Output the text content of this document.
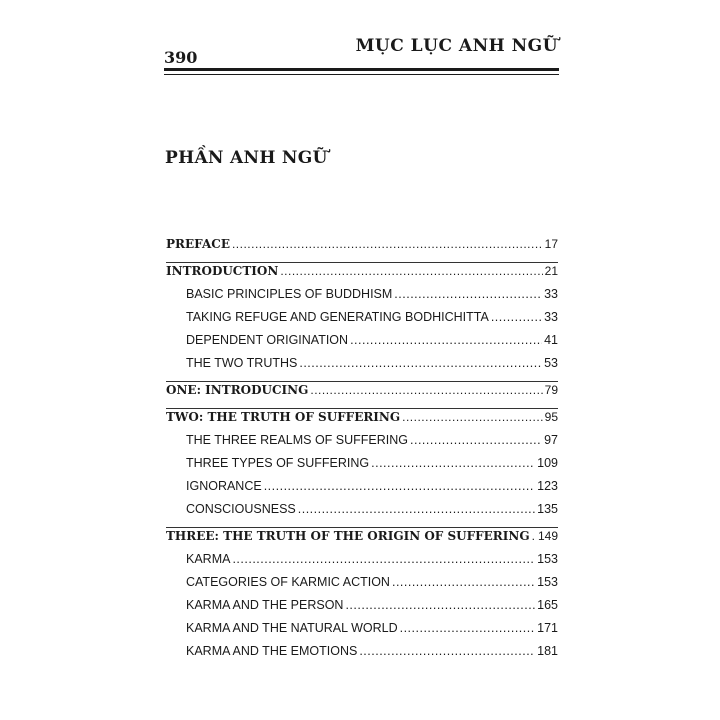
390
MỤC LỤC ANH NGỮ
PHẦN ANH NGỮ
PREFACE .....	17
INTRODUCTION .....	21
BASIC PRINCIPLES OF BUDDHISM .....	33
TAKING REFUGE AND GENERATING BODHICHITTA .....	33
DEPENDENT ORIGINATION .....	41
THE TWO TRUTHS .....	53
ONE: INTRODUCING .....	79
TWO: THE TRUTH OF SUFFERING .....	95
THE THREE REALMS OF SUFFERING .....	97
THREE TYPES OF SUFFERING .....	109
IGNORANCE .....	123
CONSCIOUSNESS .....	135
THREE: THE TRUTH OF THE ORIGIN OF SUFFERING ..... 149
KARMA .....	153
CATEGORIES OF KARMIC ACTION .....	153
KARMA AND THE PERSON .....	165
KARMA AND THE NATURAL WORLD .....	171
KARMA AND THE EMOTIONS .....	181
